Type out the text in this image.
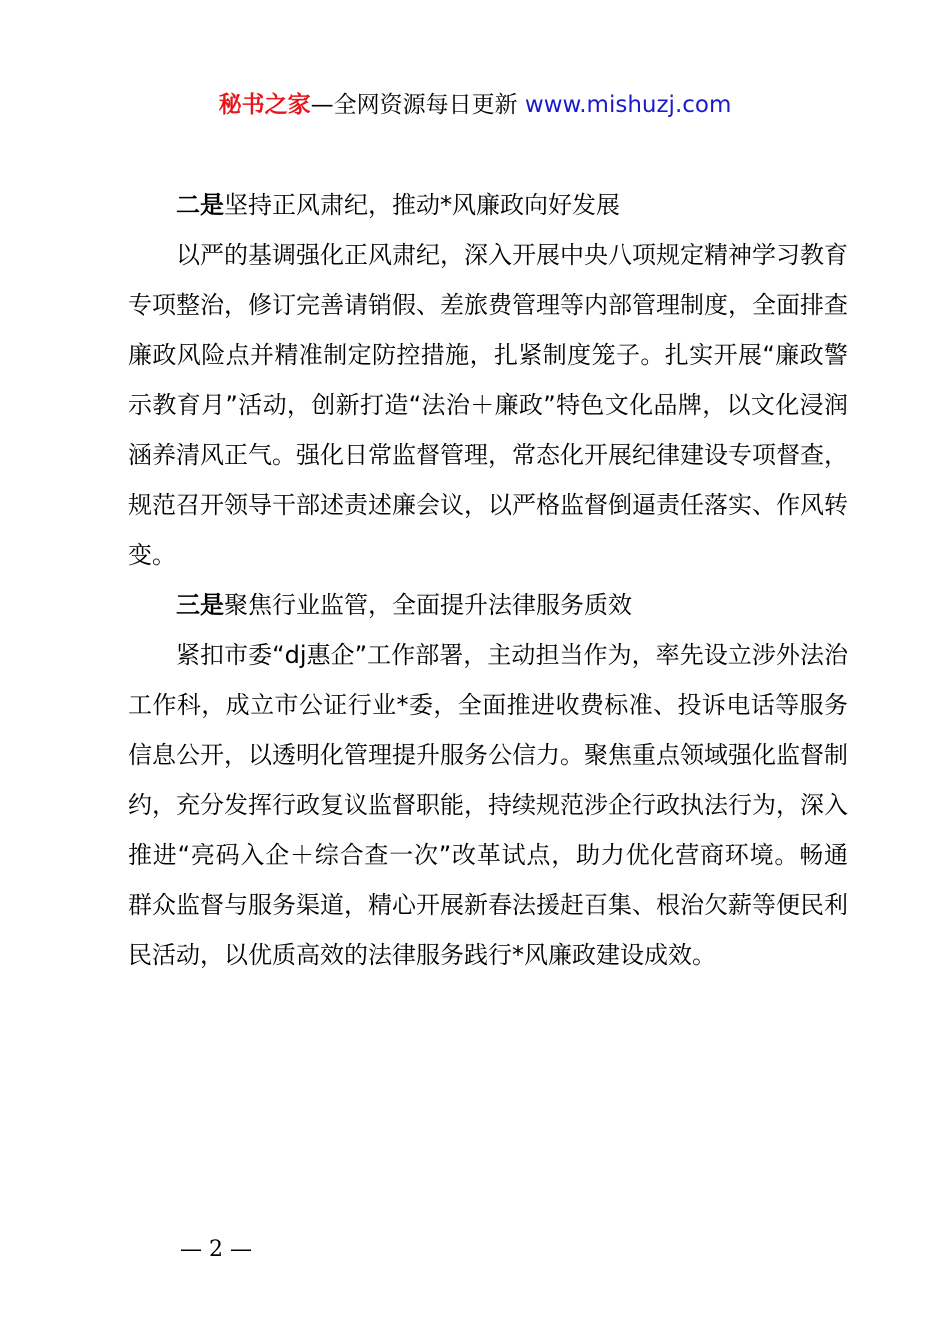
秘书之家—全网资源每日更新 www.mishuzj.com

二是坚持正风肃纪，推动*风廉政向好发展

以严的基调强化正风肃纪，深入开展中央八项规定精神学习教育专项整治，修订完善请销假、差旅费管理等内部管理制度，全面排查廉政风险点并精准制定防控措施，扎紧制度笼子。扎实开展“廉政警示教育月”活动，创新打造“法治＋廉政”特色文化品牌，以文化浸润涵养清风正气。强化日常监督管理，常态化开展纪律建设专项督查，规范召开领导干部述责述廉会议，以严格监督倒逼责任落实、作风转变。

三是聚焦行业监管，全面提升法律服务质效

紧扣市委“dj惠企”工作部署，主动担当作为，率先设立涉外法治工作科，成立市公证行业*委，全面推进收费标准、投诉电话等服务信息公开，以透明化管理提升服务公信力。聚焦重点领域强化监督制约，充分发挥行政复议监督职能，持续规范涉企行政执法行为，深入推进“亮码入企＋综合查一次”改革试点，助力优化营商环境。畅通群众监督与服务渠道，精心开展新春法援赶百集、根治欠薪等便民利民活动，以优质高效的法律服务践行*风廉政建设成效。

— 2 —
